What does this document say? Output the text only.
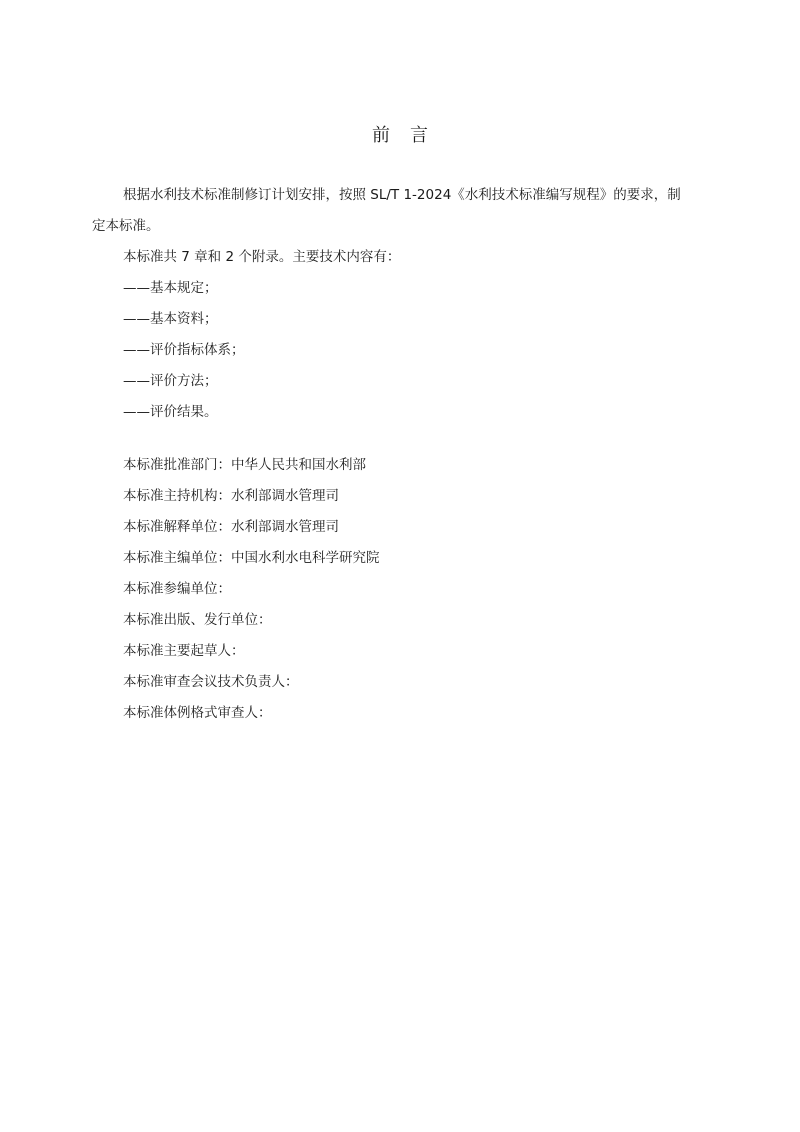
前言
根据水利技术标准制修订计划安排，按照 SL/T 1-2024《水利技术标准编写规程》的要求，制
定本标准。
本标准共 7 章和 2 个附录。主要技术内容有：
——基本规定；
——基本资料；
——评价指标体系；
——评价方法；
——评价结果。
本标准批准部门：中华人民共和国水利部
本标准主持机构：水利部调水管理司
本标准解释单位：水利部调水管理司
本标准主编单位：中国水利水电科学研究院
本标准参编单位：
本标准出版、发行单位：
本标准主要起草人：
本标准审查会议技术负责人：
本标准体例格式审查人：
